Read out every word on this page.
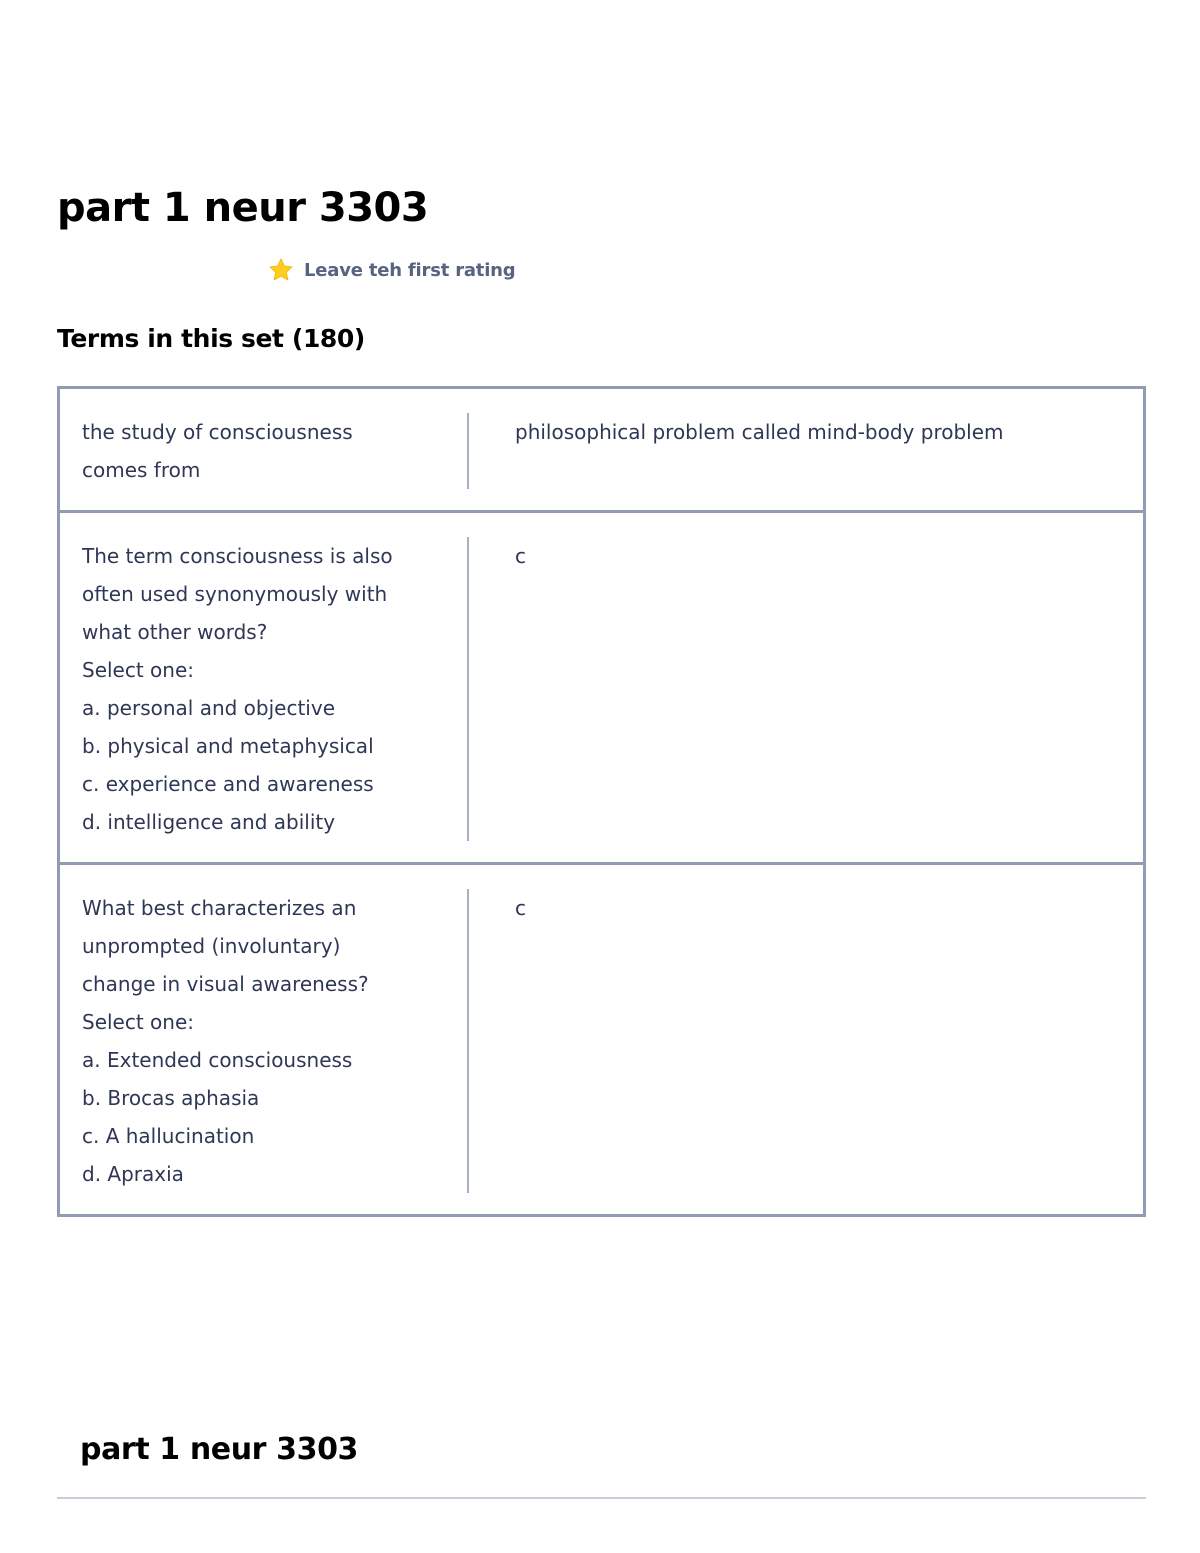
part 1 neur 3303
Leave teh first rating
Terms in this set (180)
the study of consciousness
comes from
philosophical problem called mind-body problem
The term consciousness is also
often used synonymously with
what other words?
Select one:
a. personal and objective
b. physical and metaphysical
c. experience and awareness
d. intelligence and ability
c
What best characterizes an
unprompted (involuntary)
change in visual awareness?
Select one:
a. Extended consciousness
b. Brocas aphasia
c. A hallucination
d. Apraxia
c
part 1 neur 3303
